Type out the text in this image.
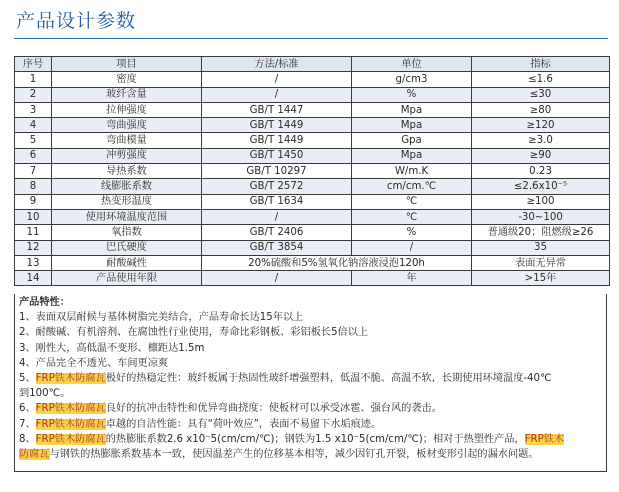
产品设计参数
序号	项目	方法/标准	单位	指标
1	密度	/	g/cm3	≤1.6
2	玻纤含量	/	%	≤30
3	拉伸强度	GB/T 1447	Mpa	≥80
4	弯曲强度	GB/T 1449	Mpa	≥120
5	弯曲模量	GB/T 1449	Gpa	≥3.0
6	冲剪强度	GB/T 1450	Mpa	≥90
7	导热系数	GB/T 10297	W/m.K	0.23
8	线膨胀系数	GB/T 2572	cm/cm.℃	≤2.6x10⁻⁵
9	热变形温度	GB/T 1634	℃	≥100
10	使用环境温度范围	/	℃	-30~100
11	氧指数	GB/T 2406	%	普通级20；阻燃级≥26
12	巴氏硬度	GB/T 3854	/	35
13	耐酸碱性	20%硫酸和5%氢氧化钠溶液浸泡120h		表面无异常
14	产品使用年限	/	年	>15年
产品特性：
1、表面双层耐候与基体树脂完美结合，产品寿命长达15年以上
2、耐酸碱、有机溶剂、在腐蚀性行业使用，寿命比彩钢板、彩铝板长5倍以上
3、刚性大，高低温不变形、檩距达1.5m
4、产品完全不透光、车间更凉爽
5、FRP铁木防腐瓦极好的热稳定性：玻纤板属于热固性玻纤增强塑料，低温不脆、高温不软，长期使用环境温度-40℃
到100℃。
6、FRP铁木防腐瓦良好的抗冲击特性和优异弯曲挠度：使板材可以承受冰雹、强台风的袭击。
7、FRP铁木防腐瓦卓越的自洁性能：具有“荷叶效应”，表面不易留下水垢痕迹。
8、FRP铁木防腐瓦的热膨胀系数2.6 x10⁻5(cm/cm/℃)；钢铁为1.5 x10⁻5(cm/cm/℃)；相对于热塑性产品，FRP铁木
防腐瓦与钢铁的热膨胀系数基本一致，使因温差产生的位移基本相等，减少因钉孔开裂，板材变形引起的漏水问题。
